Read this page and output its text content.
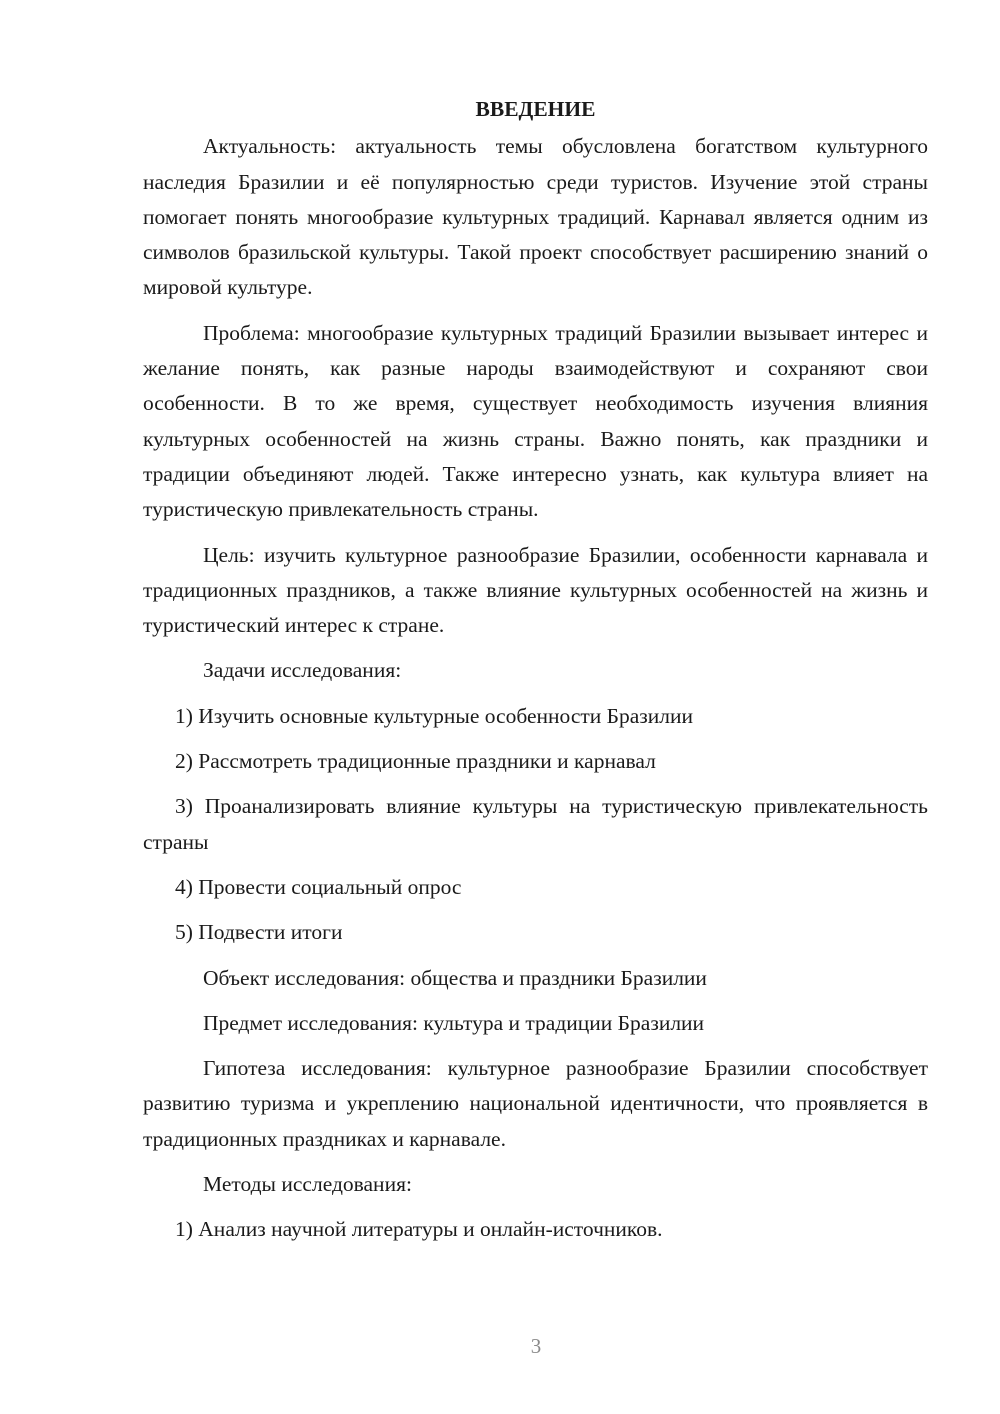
ВВЕДЕНИЕ

Актуальность: актуальность темы обусловлена богатством культурного наследия Бразилии и её популярностью среди туристов. Изучение этой страны помогает понять многообразие культурных традиций. Карнавал является одним из символов бразильской культуры. Такой проект способствует расширению знаний о мировой культуре.

Проблема: многообразие культурных традиций Бразилии вызывает интерес и желание понять, как разные народы взаимодействуют и сохраняют свои особенности. В то же время, существует необходимость изучения влияния культурных особенностей на жизнь страны. Важно понять, как праздники и традиции объединяют людей. Также интересно узнать, как культура влияет на туристическую привлекательность страны.

Цель: изучить культурное разнообразие Бразилии, особенности карнавала и традиционных праздников, а также влияние культурных особенностей на жизнь и туристический интерес к стране.

Задачи исследования:

1) Изучить основные культурные особенности Бразилии

2) Рассмотреть традиционные праздники и карнавал

3) Проанализировать влияние культуры на туристическую привлекательность страны

4) Провести социальный опрос

5) Подвести итоги

Объект исследования: общества и праздники Бразилии

Предмет исследования: культура и традиции Бразилии

Гипотеза исследования: культурное разнообразие Бразилии способствует развитию туризма и укреплению национальной идентичности, что проявляется в традиционных праздниках и карнавале.

Методы исследования:

1) Анализ научной литературы и онлайн-источников.

3
